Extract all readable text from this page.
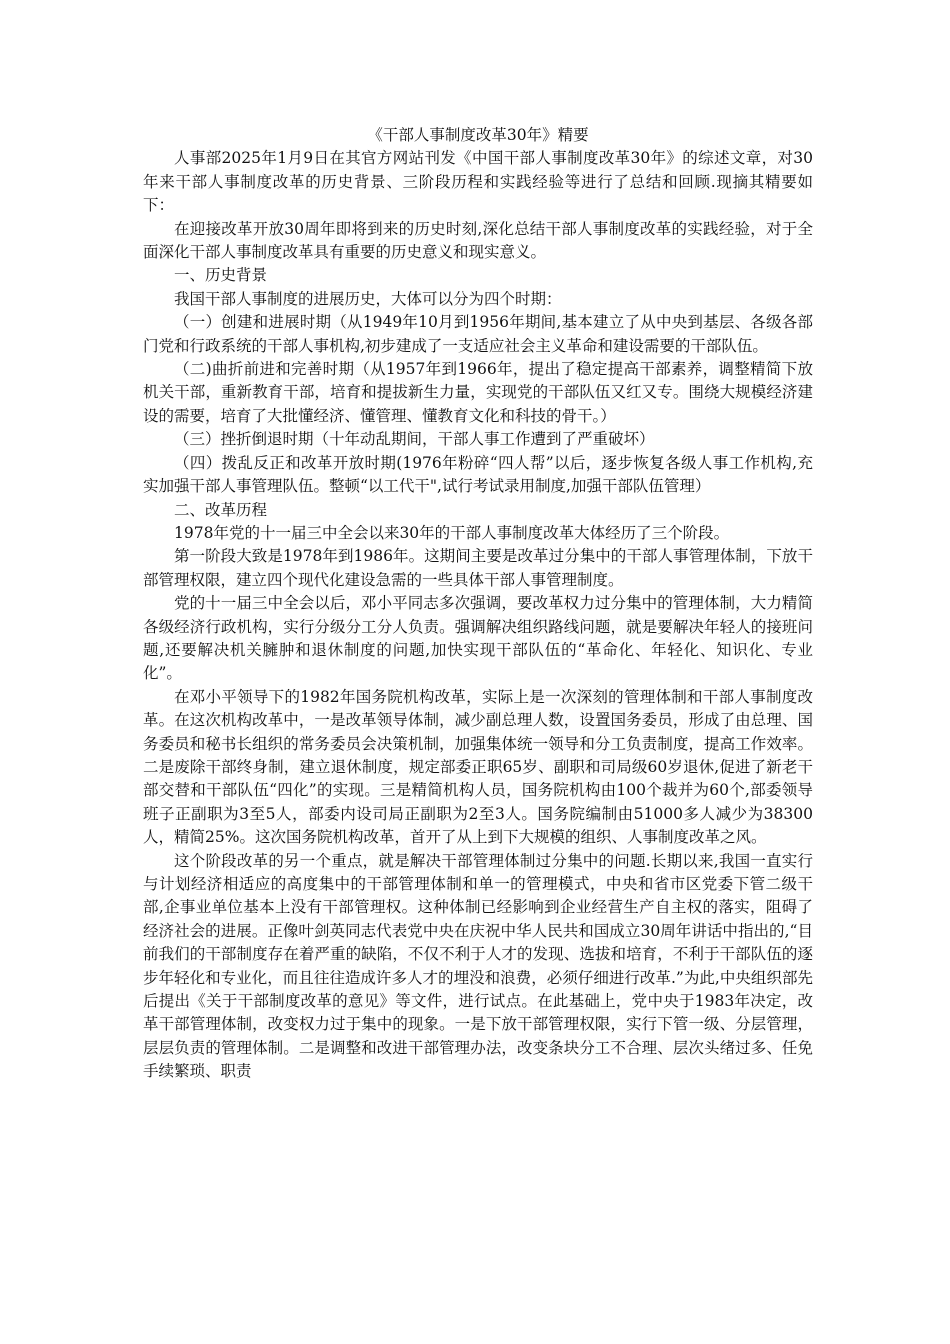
《干部人事制度改革30年》精要

人事部2025年1月9日在其官方网站刊发《中国干部人事制度改革30年》的综述文章，对30年来干部人事制度改革的历史背景、三阶段历程和实践经验等进行了总结和回顾.现摘其精要如下：

在迎接改革开放30周年即将到来的历史时刻,深化总结干部人事制度改革的实践经验，对于全面深化干部人事制度改革具有重要的历史意义和现实意义。

一、历史背景

我国干部人事制度的进展历史，大体可以分为四个时期：

（一）创建和进展时期（从1949年10月到1956年期间,基本建立了从中央到基层、各级各部门党和行政系统的干部人事机构,初步建成了一支适应社会主义革命和建设需要的干部队伍。

（二)曲折前进和完善时期（从1957年到1966年，提出了稳定提高干部素养，调整精简下放机关干部，重新教育干部，培育和提拔新生力量，实现党的干部队伍又红又专。围绕大规模经济建设的需要，培育了大批懂经济、懂管理、懂教育文化和科技的骨干。）

（三）挫折倒退时期（十年动乱期间，干部人事工作遭到了严重破坏）

（四）拨乱反正和改革开放时期(1976年粉碎“四人帮”以后，逐步恢复各级人事工作机构,充实加强干部人事管理队伍。整顿“以工代干",试行考试录用制度,加强干部队伍管理）

二、改革历程

1978年党的十一届三中全会以来30年的干部人事制度改革大体经历了三个阶段。

第一阶段大致是1978年到1986年。这期间主要是改革过分集中的干部人事管理体制，下放干部管理权限，建立四个现代化建设急需的一些具体干部人事管理制度。

党的十一届三中全会以后，邓小平同志多次强调，要改革权力过分集中的管理体制，大力精简各级经济行政机构，实行分级分工分人负责。强调解决组织路线问题，就是要解决年轻人的接班问题,还要解决机关臃肿和退休制度的问题,加快实现干部队伍的“革命化、年轻化、知识化、专业化”。

在邓小平领导下的1982年国务院机构改革，实际上是一次深刻的管理体制和干部人事制度改革。在这次机构改革中，一是改革领导体制，减少副总理人数，设置国务委员，形成了由总理、国务委员和秘书长组织的常务委员会决策机制，加强集体统一领导和分工负责制度，提高工作效率。二是废除干部终身制，建立退休制度，规定部委正职65岁、副职和司局级60岁退休,促进了新老干部交替和干部队伍“四化”的实现。三是精简机构人员，国务院机构由100个裁并为60个,部委领导班子正副职为3至5人，部委内设司局正副职为2至3人。国务院编制由51000多人减少为38300人，精简25%。这次国务院机构改革，首开了从上到下大规模的组织、人事制度改革之风。

这个阶段改革的另一个重点，就是解决干部管理体制过分集中的问题.长期以来,我国一直实行与计划经济相适应的高度集中的干部管理体制和单一的管理模式，中央和省市区党委下管二级干部,企事业单位基本上没有干部管理权。这种体制已经影响到企业经营生产自主权的落实，阻碍了经济社会的进展。正像叶剑英同志代表党中央在庆祝中华人民共和国成立30周年讲话中指出的,“目前我们的干部制度存在着严重的缺陷，不仅不利于人才的发现、选拔和培育，不利于干部队伍的逐步年轻化和专业化，而且往往造成许多人才的埋没和浪费，必须仔细进行改革.”为此,中央组织部先后提出《关于干部制度改革的意见》等文件，进行试点。在此基础上，党中央于1983年决定，改革干部管理体制，改变权力过于集中的现象。一是下放干部管理权限，实行下管一级、分层管理，层层负责的管理体制。二是调整和改进干部管理办法，改变条块分工不合理、层次头绪过多、任免手续繁琐、职责
